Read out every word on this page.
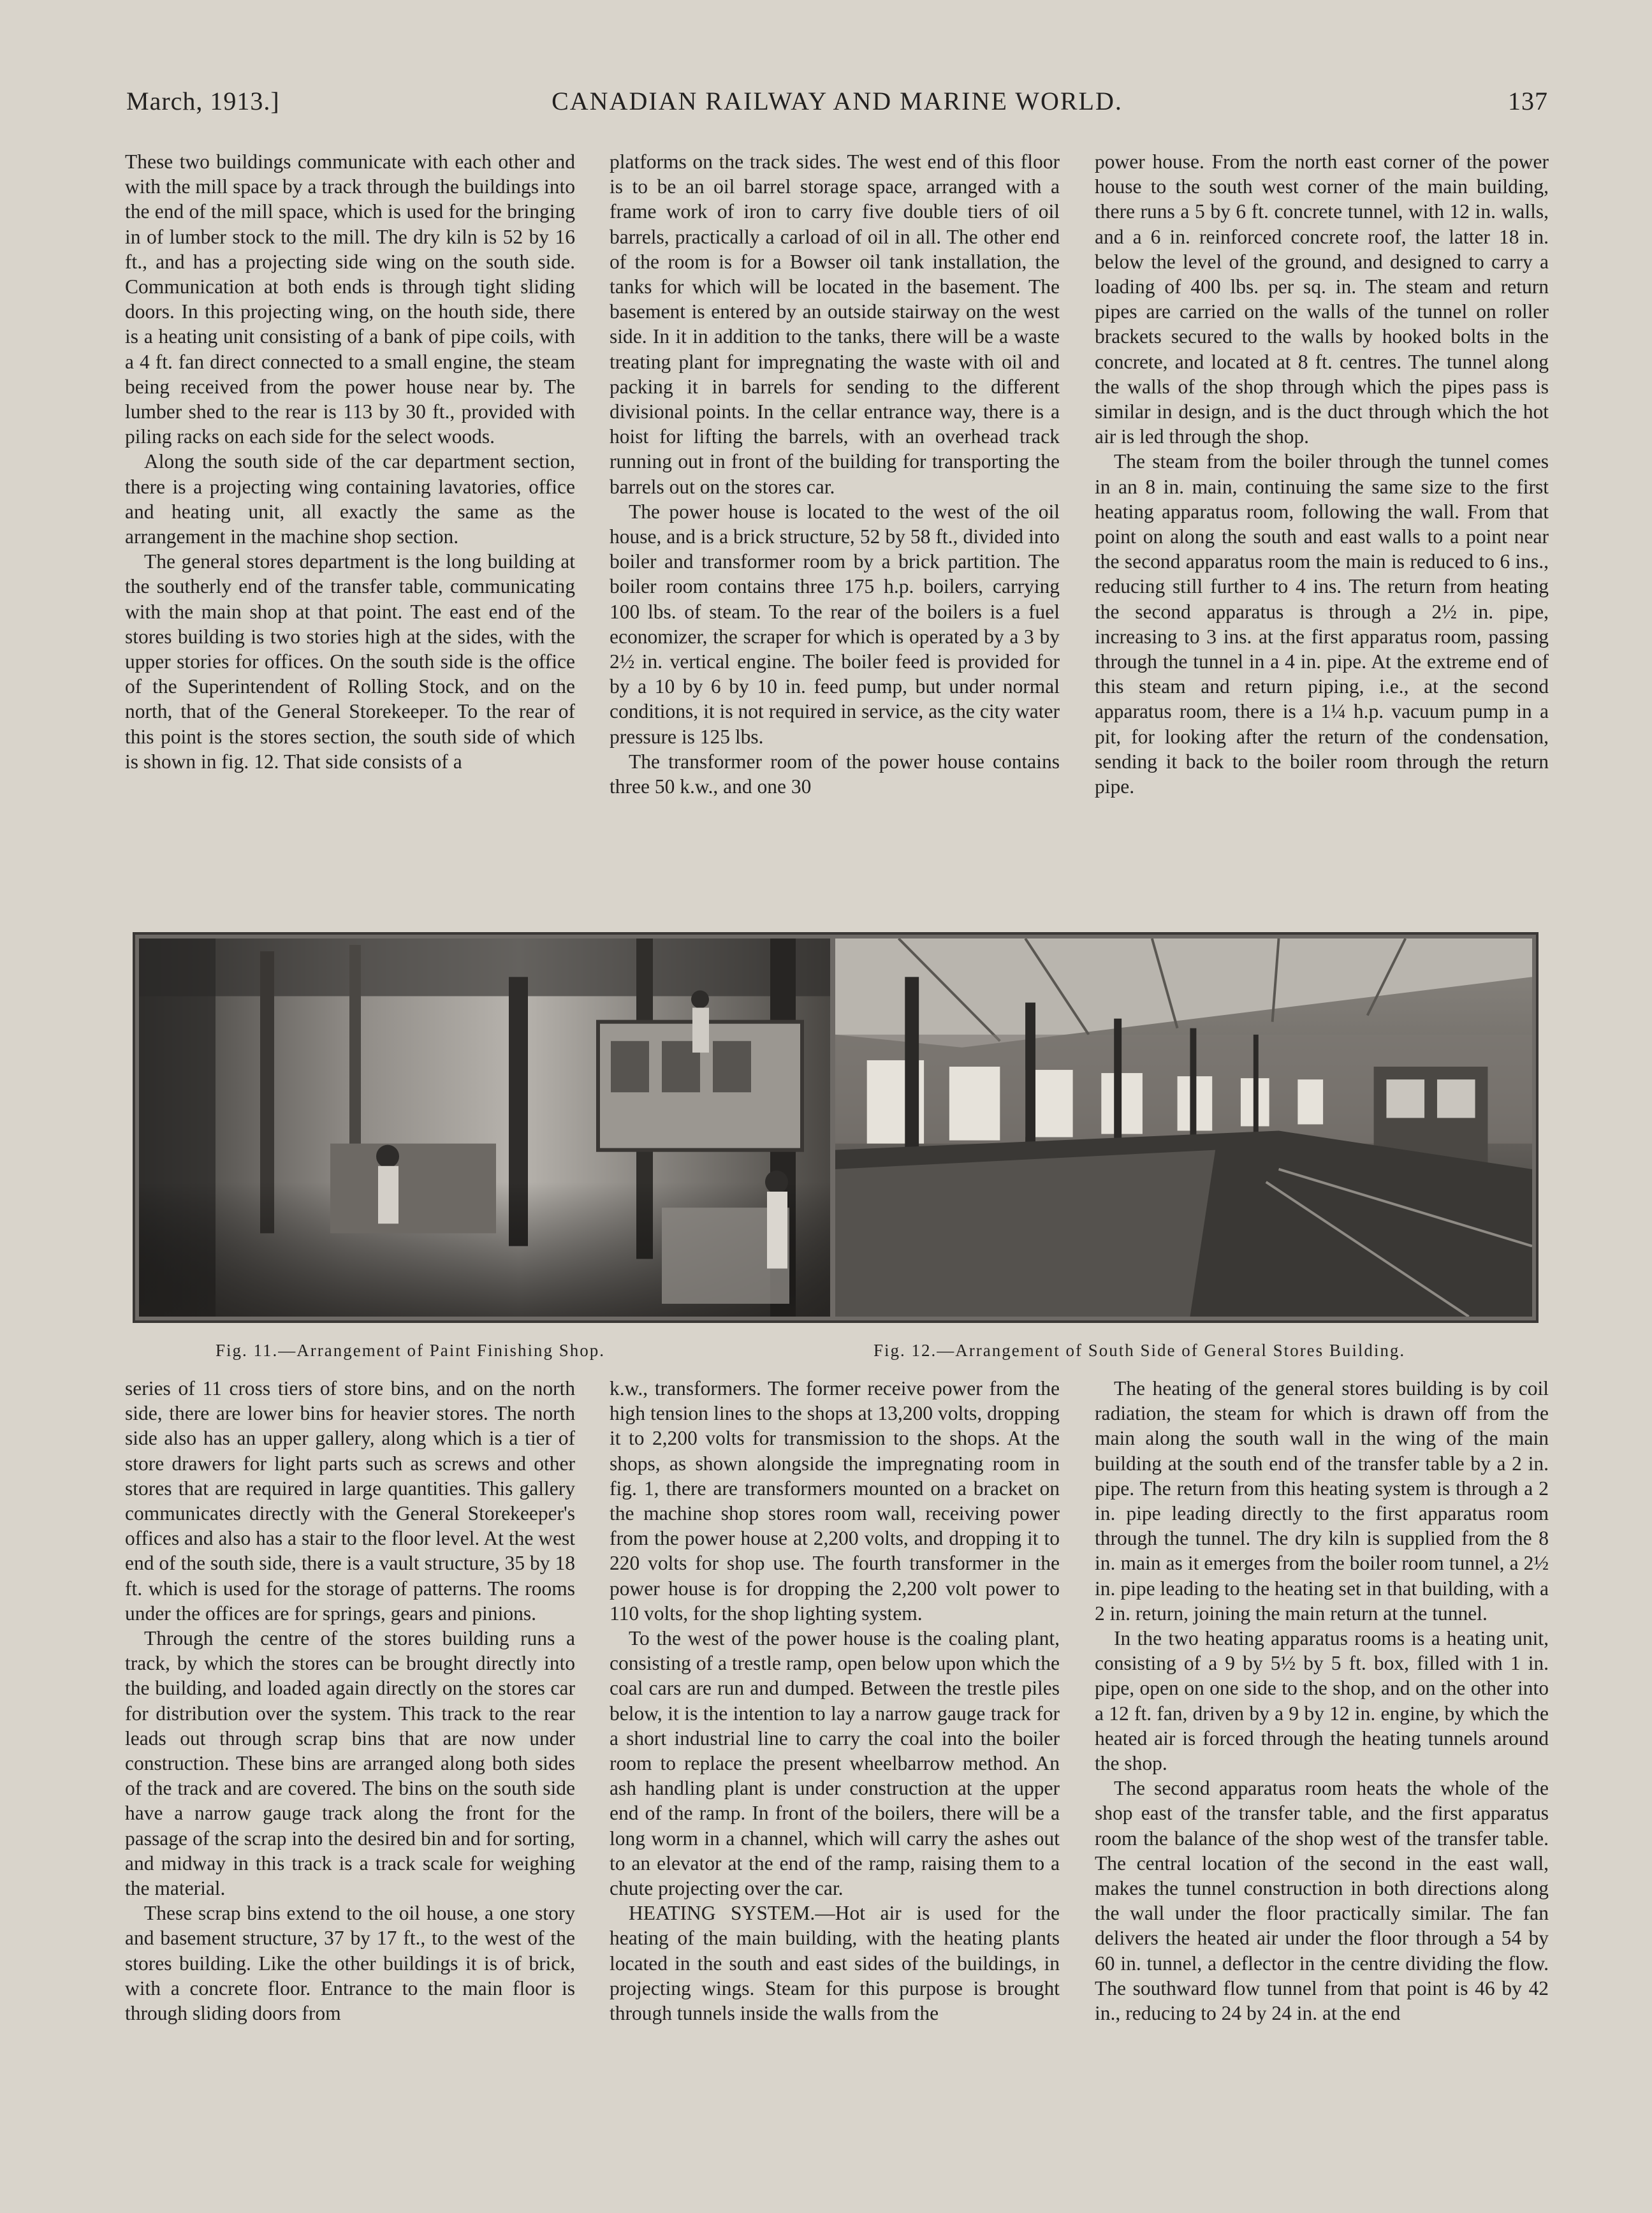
CANADIAN RAILWAY AND MARINE WORLD.
March, 1913.]	137

These two buildings communicate with each other and with the mill space by a track through the buildings into the end of the mill space, which is used for the bringing in of lumber stock to the mill. The dry kiln is 52 by 16 ft., and has a projecting side wing on the south side. Communication at both ends is through tight sliding doors. In this projecting wing, on the houth side, there is a heating unit consisting of a bank of pipe coils, with a 4 ft. fan direct connected to a small engine, the steam being received from the power house near by. The lumber shed to the rear is 113 by 30 ft., provided with piling racks on each side for the select woods.

Along the south side of the car department section, there is a projecting wing containing lavatories, office and heating unit, all exactly the same as the arrangement in the machine shop section.

The general stores department is the long building at the southerly end of the transfer table, communicating with the main shop at that point. The east end of the stores building is two stories high at the sides, with the upper stories for offices. On the south side is the office of the Superintendent of Rolling Stock, and on the north, that of the General Storekeeper. To the rear of this point is the stores section, the south side of which is shown in fig. 12. That side consists of a

platforms on the track sides. The west end of this floor is to be an oil barrel storage space, arranged with a frame work of iron to carry five double tiers of oil barrels, practically a carload of oil in all. The other end of the room is for a Bowser oil tank installation, the tanks for which will be located in the basement. The basement is entered by an outside stairway on the west side. In it in addition to the tanks, there will be a waste treating plant for impregnating the waste with oil and packing it in barrels for sending to the different divisional points. In the cellar entrance way, there is a hoist for lifting the barrels, with an overhead track running out in front of the building for transporting the barrels out on the stores car.

The power house is located to the west of the oil house, and is a brick structure, 52 by 58 ft., divided into boiler and transformer room by a brick partition. The boiler room contains three 175 h.p. boilers, carrying 100 lbs. of steam. To the rear of the boilers is a fuel economizer, the scraper for which is operated by a 3 by 2½ in. vertical engine. The boiler feed is provided for by a 10 by 6 by 10 in. feed pump, but under normal conditions, it is not required in service, as the city water pressure is 125 lbs.

The transformer room of the power house contains three 50 k.w., and one 30

power house. From the north east corner of the power house to the south west corner of the main building, there runs a 5 by 6 ft. concrete tunnel, with 12 in. walls, and a 6 in. reinforced concrete roof, the latter 18 in. below the level of the ground, and designed to carry a loading of 400 lbs. per sq. in. The steam and return pipes are carried on the walls of the tunnel on roller brackets secured to the walls by hooked bolts in the concrete, and located at 8 ft. centres. The tunnel along the walls of the shop through which the pipes pass is similar in design, and is the duct through which the hot air is led through the shop.

The steam from the boiler through the tunnel comes in an 8 in. main, continuing the same size to the first heating apparatus room, following the wall. From that point on along the south and east walls to a point near the second apparatus room the main is reduced to 6 ins., reducing still further to 4 ins. The return from heating the second apparatus is through a 2½ in. pipe, increasing to 3 ins. at the first apparatus room, passing through the tunnel in a 4 in. pipe. At the extreme end of this steam and return piping, i.e., at the second apparatus room, there is a 1¼ h.p. vacuum pump in a pit, for looking after the return of the condensation, sending it back to the boiler room through the return pipe.

Fig. 11.—Arrangement of Paint Finishing Shop.	Fig. 12.—Arrangement of South Side of General Stores Building.

series of 11 cross tiers of store bins, and on the north side, there are lower bins for heavier stores. The north side also has an upper gallery, along which is a tier of store drawers for light parts such as screws and other stores that are required in large quantities. This gallery communicates directly with the General Storekeeper's offices and also has a stair to the floor level. At the west end of the south side, there is a vault structure, 35 by 18 ft. which is used for the storage of patterns. The rooms under the offices are for springs, gears and pinions.

Through the centre of the stores building runs a track, by which the stores can be brought directly into the building, and loaded again directly on the stores car for distribution over the system. This track to the rear leads out through scrap bins that are now under construction. These bins are arranged along both sides of the track and are covered. The bins on the south side have a narrow gauge track along the front for the passage of the scrap into the desired bin and for sorting, and midway in this track is a track scale for weighing the material.

These scrap bins extend to the oil house, a one story and basement structure, 37 by 17 ft., to the west of the stores building. Like the other buildings it is of brick, with a concrete floor. Entrance to the main floor is through sliding doors from

k.w., transformers. The former receive power from the high tension lines to the shops at 13,200 volts, dropping it to 2,200 volts for transmission to the shops. At the shops, as shown alongside the impregnating room in fig. 1, there are transformers mounted on a bracket on the machine shop stores room wall, receiving power from the power house at 2,200 volts, and dropping it to 220 volts for shop use. The fourth transformer in the power house is for dropping the 2,200 volt power to 110 volts, for the shop lighting system.

To the west of the power house is the coaling plant, consisting of a trestle ramp, open below upon which the coal cars are run and dumped. Between the trestle piles below, it is the intention to lay a narrow gauge track for a short industrial line to carry the coal into the boiler room to replace the present wheelbarrow method. An ash handling plant is under construction at the upper end of the ramp. In front of the boilers, there will be a long worm in a channel, which will carry the ashes out to an elevator at the end of the ramp, raising them to a chute projecting over the car.

HEATING SYSTEM.—Hot air is used for the heating of the main building, with the heating plants located in the south and east sides of the buildings, in projecting wings. Steam for this purpose is brought through tunnels inside the walls from the

The heating of the general stores building is by coil radiation, the steam for which is drawn off from the main along the south wall in the wing of the main building at the south end of the transfer table by a 2 in. pipe. The return from this heating system is through a 2 in. pipe leading directly to the first apparatus room through the tunnel. The dry kiln is supplied from the 8 in. main as it emerges from the boiler room tunnel, a 2½ in. pipe leading to the heating set in that building, with a 2 in. return, joining the main return at the tunnel.

In the two heating apparatus rooms is a heating unit, consisting of a 9 by 5½ by 5 ft. box, filled with 1 in. pipe, open on one side to the shop, and on the other into a 12 ft. fan, driven by a 9 by 12 in. engine, by which the heated air is forced through the heating tunnels around the shop.

The second apparatus room heats the whole of the shop east of the transfer table, and the first apparatus room the balance of the shop west of the transfer table. The central location of the second in the east wall, makes the tunnel construction in both directions along the wall under the floor practically similar. The fan delivers the heated air under the floor through a 54 by 60 in. tunnel, a deflector in the centre dividing the flow. The southward flow tunnel from that point is 46 by 42 in., reducing to 24 by 24 in. at the end
